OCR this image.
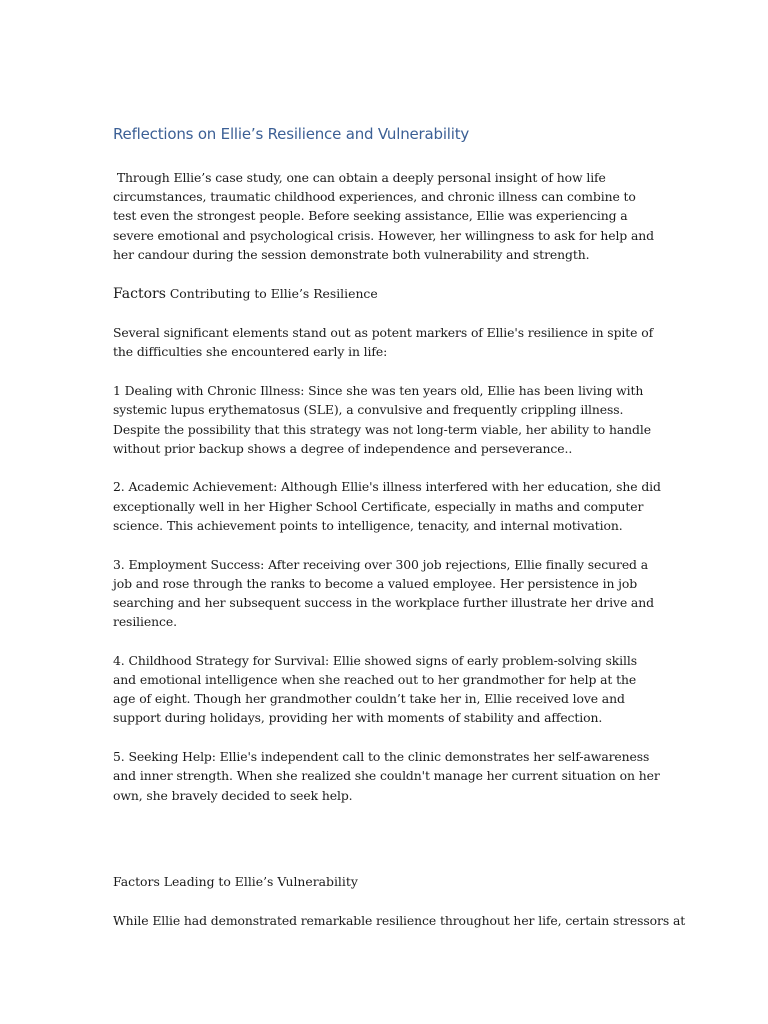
Reflections on Ellie’s Resilience and Vulnerability

Through Ellie’s case study, one can obtain a deeply personal insight of how life circumstances, traumatic childhood experiences, and chronic illness can combine to test even the strongest people. Before seeking assistance, Ellie was experiencing a severe emotional and psychological crisis. However, her willingness to ask for help and her candour during the session demonstrate both vulnerability and strength.

Factors Contributing to Ellie’s Resilience

Several significant elements stand out as potent markers of Ellie's resilience in spite of the difficulties she encountered early in life:

1 Dealing with Chronic Illness: Since she was ten years old, Ellie has been living with systemic lupus erythematosus (SLE), a convulsive and frequently crippling illness. Despite the possibility that this strategy was not long-term viable, her ability to handle without prior backup shows a degree of independence and perseverance..

2. Academic Achievement: Although Ellie's illness interfered with her education, she did exceptionally well in her Higher School Certificate, especially in maths and computer science. This achievement points to intelligence, tenacity, and internal motivation.

3. Employment Success: After receiving over 300 job rejections, Ellie finally secured a job and rose through the ranks to become a valued employee. Her persistence in job searching and her subsequent success in the workplace further illustrate her drive and resilience.

4. Childhood Strategy for Survival: Ellie showed signs of early problem-solving skills and emotional intelligence when she reached out to her grandmother for help at the age of eight. Though her grandmother couldn’t take her in, Ellie received love and support during holidays, providing her with moments of stability and affection.

5. Seeking Help: Ellie's independent call to the clinic demonstrates her self-awareness and inner strength. When she realized she couldn't manage her current situation on her own, she bravely decided to seek help.

Factors Leading to Ellie’s Vulnerability

While Ellie had demonstrated remarkable resilience throughout her life, certain stressors at
